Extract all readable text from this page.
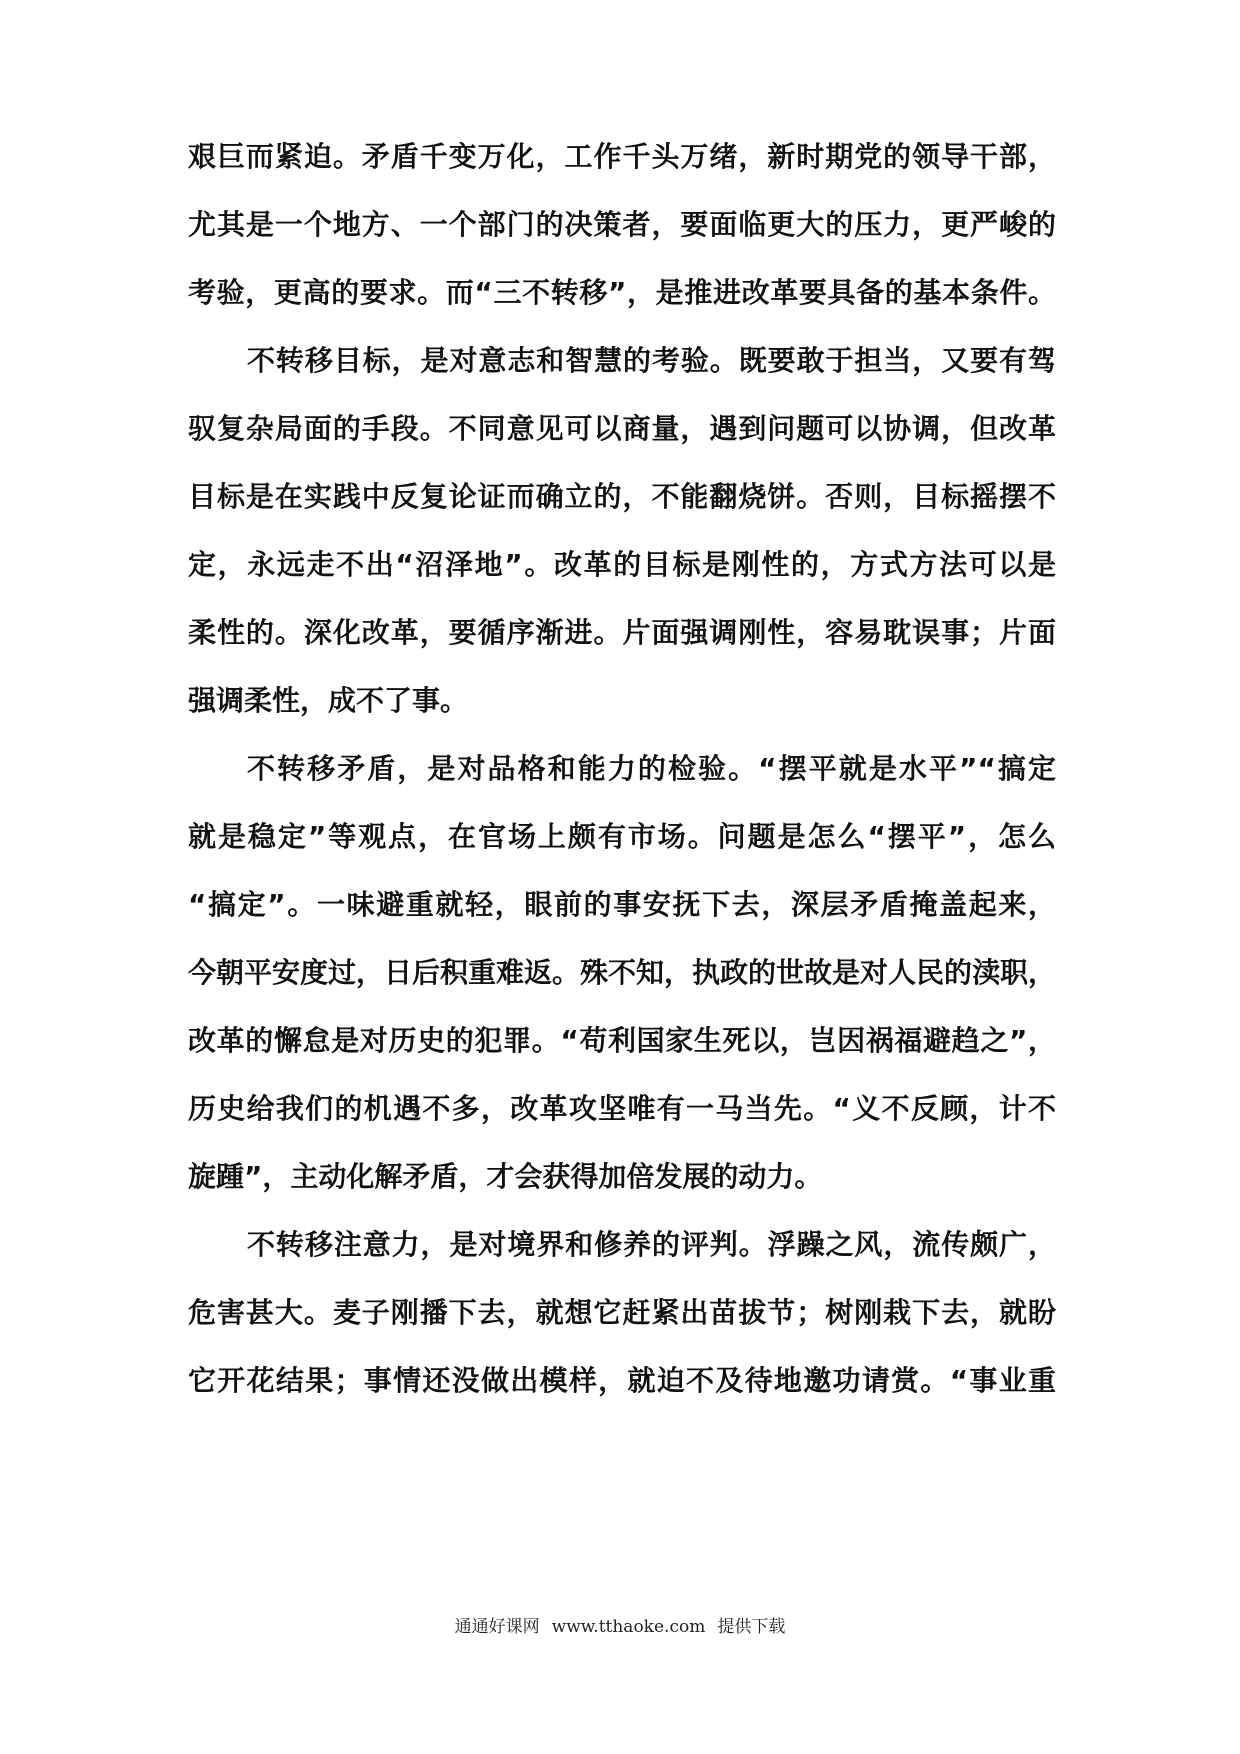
艰巨而紧迫。矛盾千变万化，工作千头万绪，新时期党的领导干部，
尤其是一个地方、一个部门的决策者，要面临更大的压力，更严峻的
考验，更高的要求。而“三不转移”，是推进改革要具备的基本条件。
不转移目标，是对意志和智慧的考验。既要敢于担当，又要有驾
驭复杂局面的手段。不同意见可以商量，遇到问题可以协调，但改革
目标是在实践中反复论证而确立的，不能翻烧饼。否则，目标摇摆不
定，永远走不出“沼泽地”。改革的目标是刚性的，方式方法可以是
柔性的。深化改革，要循序渐进。片面强调刚性，容易耽误事；片面
强调柔性，成不了事。
不转移矛盾，是对品格和能力的检验。“摆平就是水平”“搞定
就是稳定”等观点，在官场上颇有市场。问题是怎么“摆平”，怎么
“搞定”。一味避重就轻，眼前的事安抚下去，深层矛盾掩盖起来，
今朝平安度过，日后积重难返。殊不知，执政的世故是对人民的渎职，
改革的懈怠是对历史的犯罪。“苟利国家生死以，岂因祸福避趋之”，
历史给我们的机遇不多，改革攻坚唯有一马当先。“义不反顾，计不
旋踵”，主动化解矛盾，才会获得加倍发展的动力。
不转移注意力，是对境界和修养的评判。浮躁之风，流传颇广，
危害甚大。麦子刚播下去，就想它赶紧出苗拔节；树刚栽下去，就盼
它开花结果；事情还没做出模样，就迫不及待地邀功请赏。“事业重
通通好课网 www.tthaoke.com 提供下载
